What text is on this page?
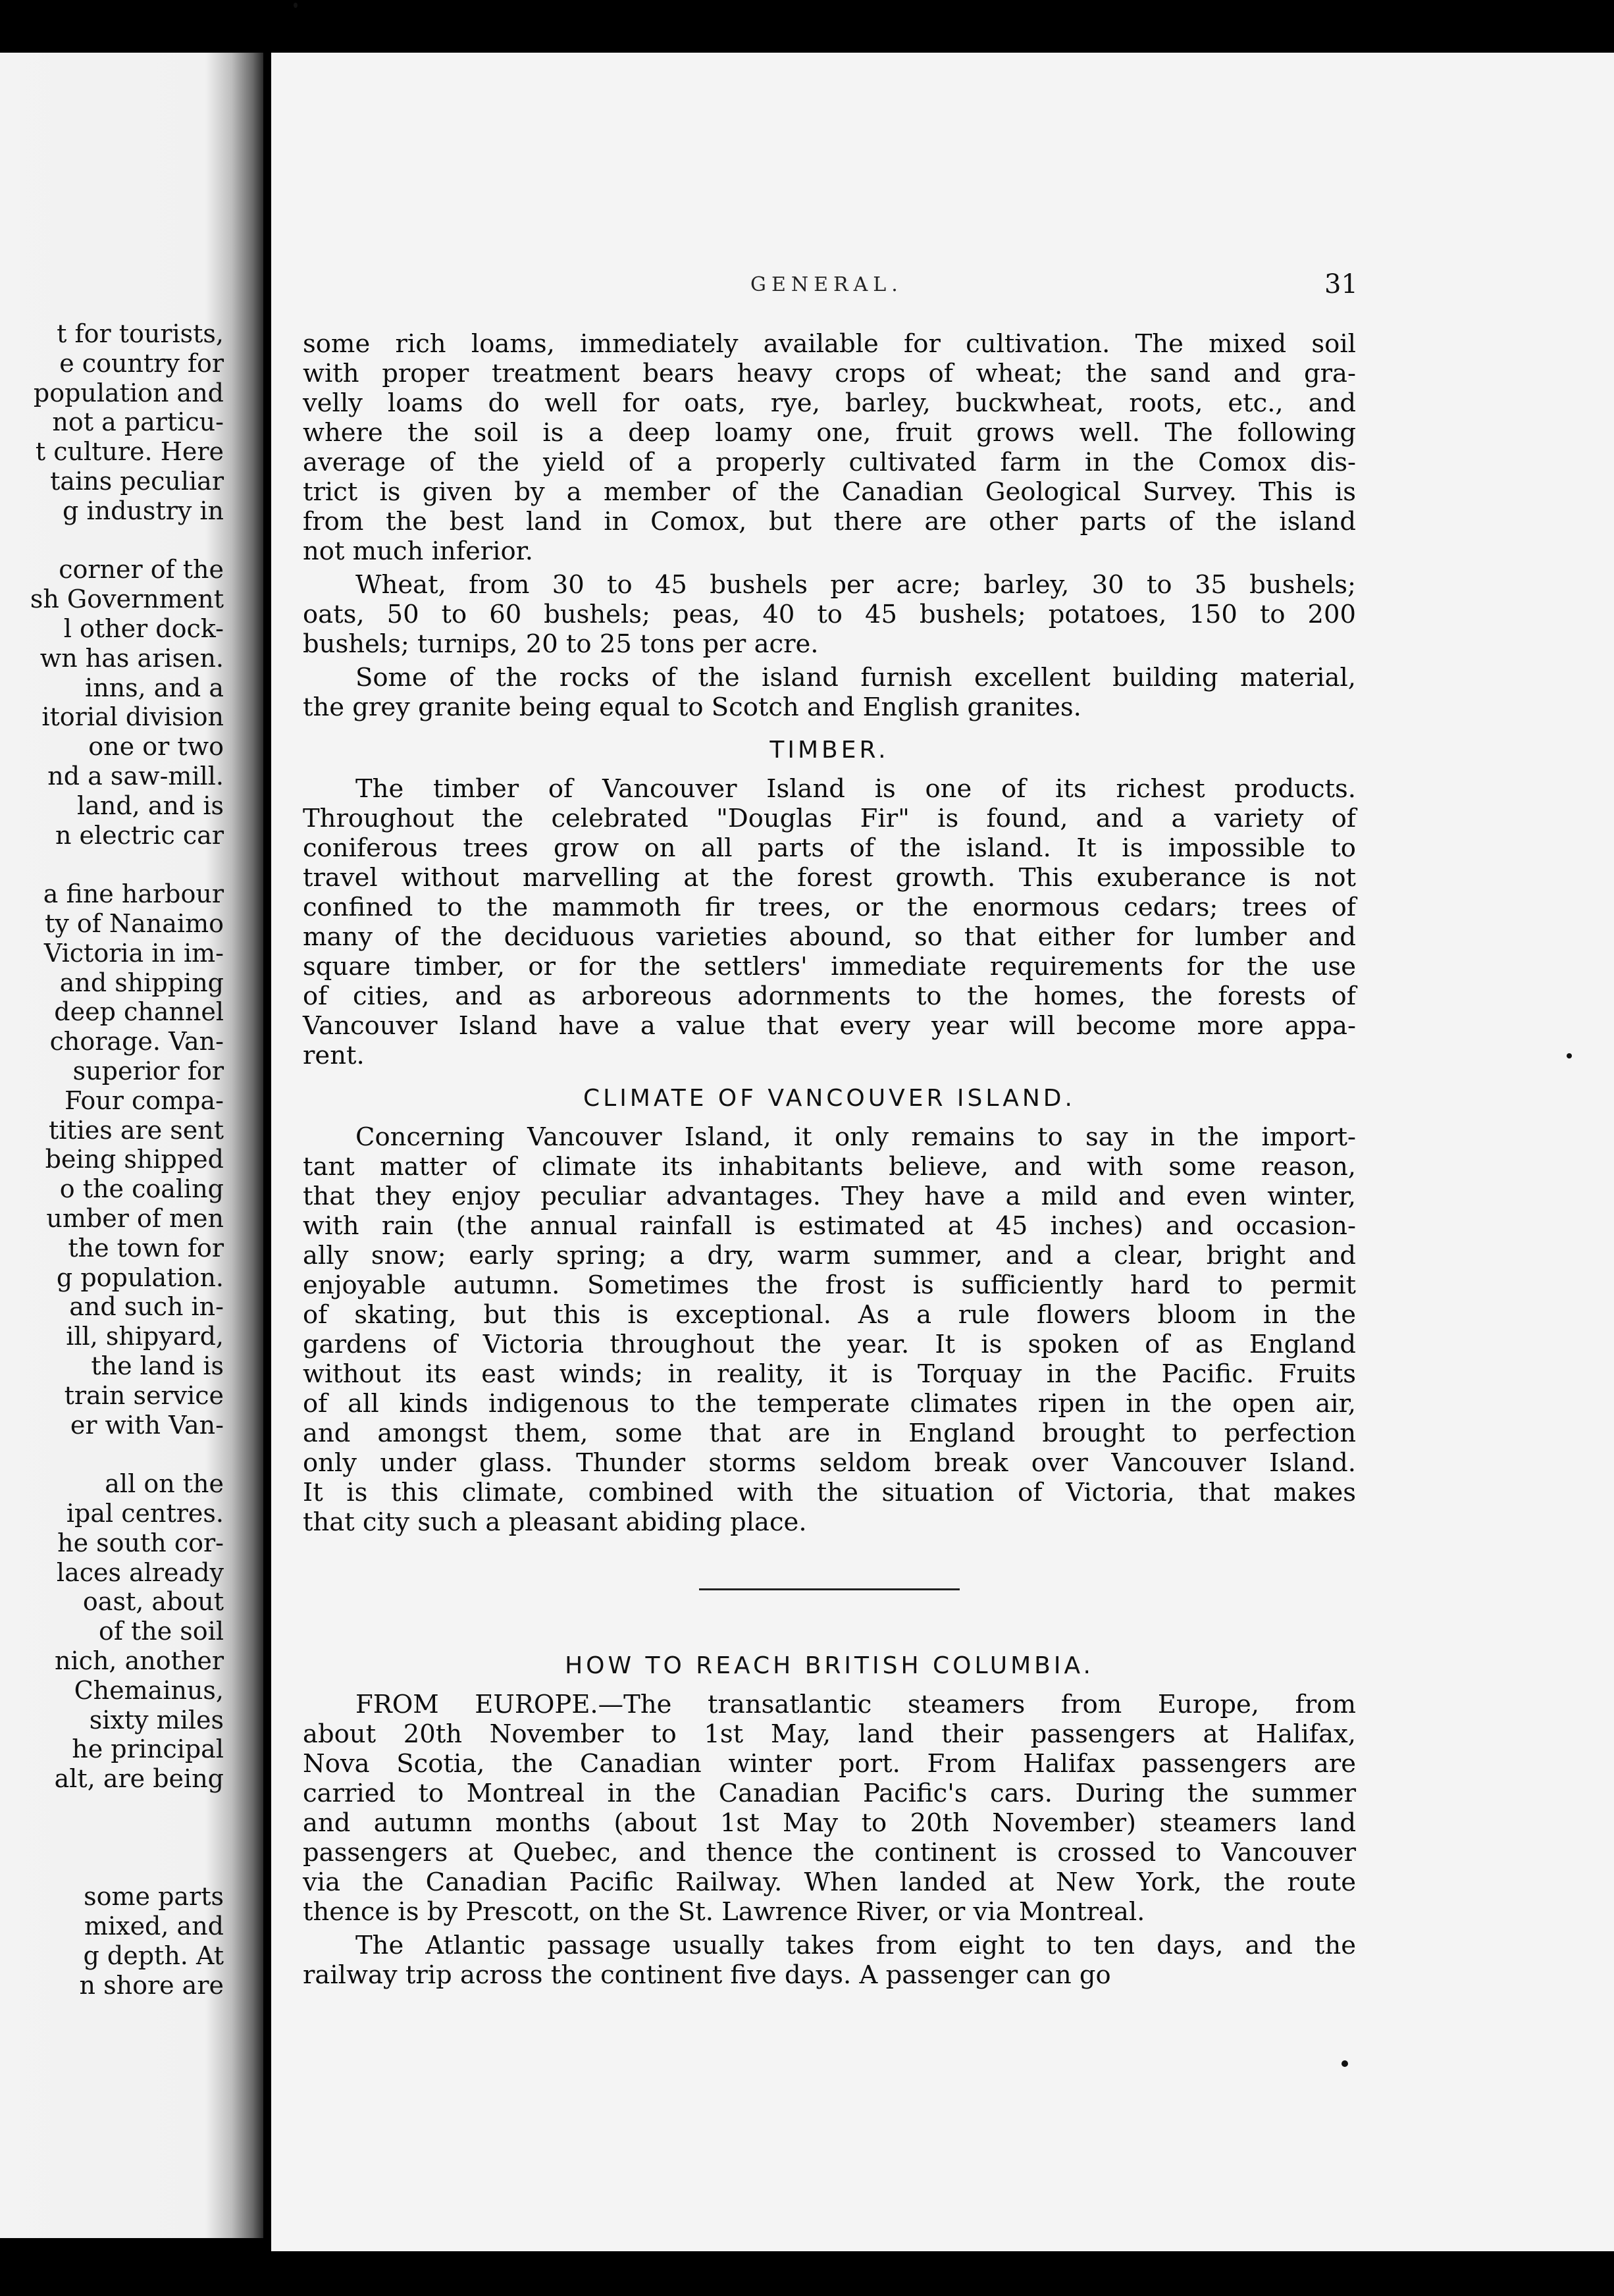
t for tourists,
e country for
population and
not a particu-
t culture. Here
tains peculiar
g industry in
corner of the
sh Government
l other dock-
wn has arisen.
inns, and a
itorial division
one or two
nd a saw-mill.
land, and is
n electric car
a fine harbour
ty of Nanaimo
Victoria in im-
and shipping
deep channel
chorage. Van-
superior for
Four compa-
tities are sent
being shipped
o the coaling
umber of men
the town for
g population.
and such in-
ill, shipyard,
the land is
train service
er with Van-
all on the
ipal centres.
he south cor-
laces already
oast, about
of the soil
nich, another
Chemainus,
sixty miles
he principal
alt, are being
some parts
mixed, and
g depth. At
n shore are
GENERAL.	31

some rich loams, immediately available for cultivation. The mixed soil
with proper treatment bears heavy crops of wheat; the sand and gra-
velly loams do well for oats, rye, barley, buckwheat, roots, etc., and
where the soil is a deep loamy one, fruit grows well. The following
average of the yield of a properly cultivated farm in the Comox dis-
trict is given by a member of the Canadian Geological Survey. This is
from the best land in Comox, but there are other parts of the island
not much inferior.

Wheat, from 30 to 45 bushels per acre; barley, 30 to 35 bushels;
oats, 50 to 60 bushels; peas, 40 to 45 bushels; potatoes, 150 to 200
bushels; turnips, 20 to 25 tons per acre.

Some of the rocks of the island furnish excellent building material,
the grey granite being equal to Scotch and English granites.

TIMBER.

The timber of Vancouver Island is one of its richest products.
Throughout the celebrated "Douglas Fir" is found, and a variety of
coniferous trees grow on all parts of the island. It is impossible to
travel without marvelling at the forest growth. This exuberance is not
confined to the mammoth fir trees, or the enormous cedars; trees of
many of the deciduous varieties abound, so that either for lumber and
square timber, or for the settlers' immediate requirements for the use
of cities, and as arboreous adornments to the homes, the forests of
Vancouver Island have a value that every year will become more appa-
rent.

CLIMATE OF VANCOUVER ISLAND.

Concerning Vancouver Island, it only remains to say in the import-
tant matter of climate its inhabitants believe, and with some reason,
that they enjoy peculiar advantages. They have a mild and even winter,
with rain (the annual rainfall is estimated at 45 inches) and occasion-
ally snow; early spring; a dry, warm summer, and a clear, bright and
enjoyable autumn. Sometimes the frost is sufficiently hard to permit
of skating, but this is exceptional. As a rule flowers bloom in the
gardens of Victoria throughout the year. It is spoken of as England
without its east winds; in reality, it is Torquay in the Pacific. Fruits
of all kinds indigenous to the temperate climates ripen in the open air,
and amongst them, some that are in England brought to perfection
only under glass. Thunder storms seldom break over Vancouver Island.
It is this climate, combined with the situation of Victoria, that makes
that city such a pleasant abiding place.

HOW TO REACH BRITISH COLUMBIA.

FROM EUROPE.—The transatlantic steamers from Europe, from
about 20th November to 1st May, land their passengers at Halifax,
Nova Scotia, the Canadian winter port. From Halifax passengers are
carried to Montreal in the Canadian Pacific's cars. During the summer
and autumn months (about 1st May to 20th November) steamers land
passengers at Quebec, and thence the continent is crossed to Vancouver
via the Canadian Pacific Railway. When landed at New York, the route
thence is by Prescott, on the St. Lawrence River, or via Montreal.

The Atlantic passage usually takes from eight to ten days, and the
railway trip across the continent five days. A passenger can go
